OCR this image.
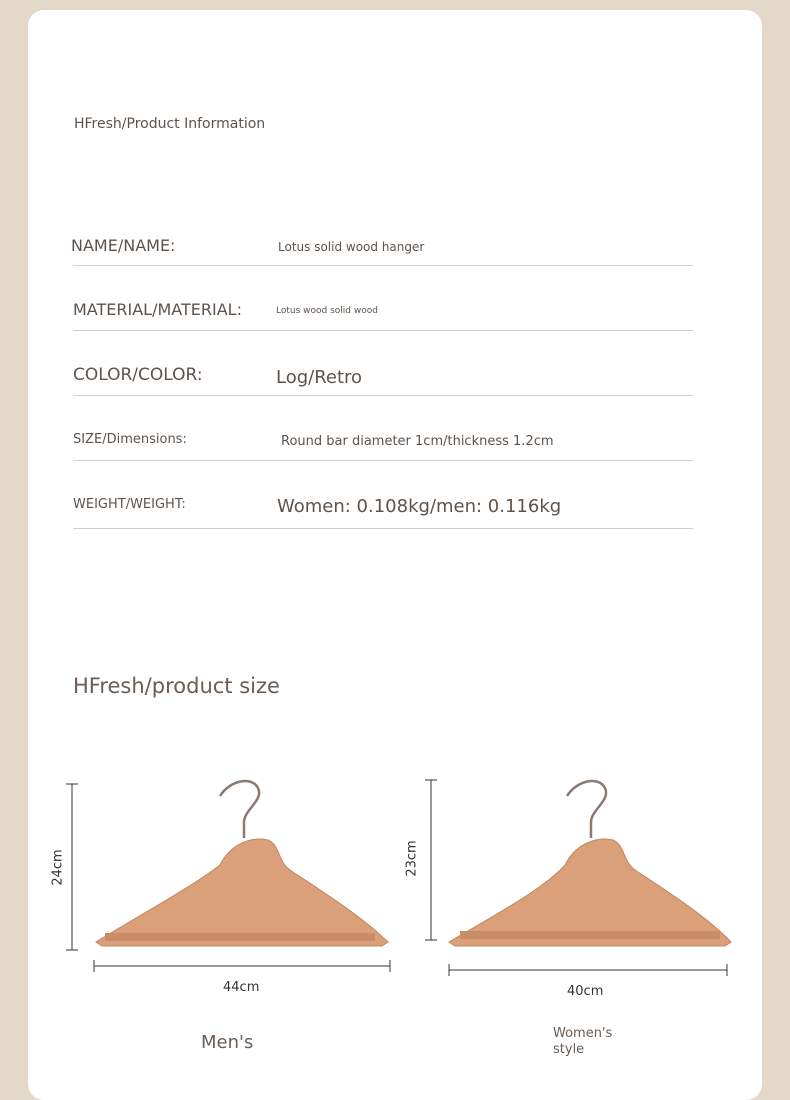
HFresh/Product Information
NAME/NAME:	Lotus solid wood hanger
MATERIAL/MATERIAL:	Lotus wood solid wood
COLOR/COLOR:	Log/Retro
SIZE/Dimensions:	Round bar diameter 1cm/thickness 1.2cm
WEIGHT/WEIGHT:	Women: 0.108kg/men: 0.116kg
HFresh/product size
24cm
44cm
Men's
23cm
40cm
Women's style
